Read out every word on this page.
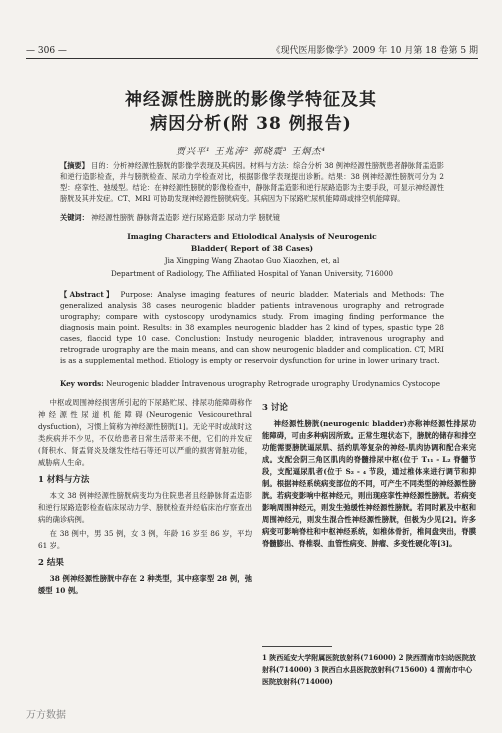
— 306 —	《现代医用影像学》2009 年 10 月第 18 卷第 5 期
神经源性膀胱的影像学特征及其
病因分析(附 38 例报告)
贾兴平¹ 王兆涛² 郭晓震³ 王炯杰⁴
【摘要】 目的：分析神经源性膀胱的影像学表现及其病因。材料与方法：综合分析 38 例神经源性膀胱患者静脉肾盂造影和逆行造影检查，并与膀胱检查、尿动力学检查对比，根据影像学表现提出诊断。结果：38 例神经源性膀胱可分为 2 型：痉挛性、弛缓型。结论：在神经源性膀胱的影像检查中，静脉肾盂造影和逆行尿路造影为主要手段，可显示神经源性膀胱及其并发症。CT、MRI 可协助发现神经源性膀胱病变。其病因为下尿路贮尿机能障碍或排空机能障碍。
关键词： 神经源性膀胱 静脉肾盂造影 逆行尿路造影 尿动力学 膀胱镜
Imaging Characters and Etiolodical Analysis of Neurogenic
Bladder( Report of 38 Cases)
Jia Xingping Wang Zhaotao Guo Xiaozhen, et, al
Department of Radiology, The Affiliated Hospital of Yanan University, 716000
【Abstract】 Purpose: Analyse imaging features of neuric bladder. Materials and Methods: The generalized analysis 38 cases neurogenic bladder patients intravenous urography and retrograde urography; compare with cystoscopy urodynamics study. From imaging finding performance the diagnosis main point. Results: in 38 examples neurogenic bladder has 2 kind of types, spastic type 28 cases, flaccid type 10 case. Conclustion: Instudy neurogenic bladder, intravenous urography and retrograde urography are the main means, and can show neurogenic bladder and complication. CT, MRI is as a supplemental method. Etiology is empty or reservoir dysfunction for urine in lower urinary tract.
Key words: Neurogenic bladder Intravenous urography Retrograde urography Urodynamics Cystocope

中枢或周围神经损害所引起的下尿路贮尿、排尿功能障碍称作神经源性尿道机能障碍(Neurogenic Vesicourethral dysfuction)，习惯上简称为神经源性膀胱[1]。无论平时或战时这类疾病并不少见，不仅给患者日常生活带来不便，它们的并发症(肾积水、肾盂肾炎及继发性结石等还可以严重的损害肾脏功能，威胁病人生命。

1 材料与方法

本文 38 例神经源性膀胱病变均为住院患者且经静脉肾盂造影和逆行尿路造影检查临床尿动力学、膀胱检查并经临床治疗察查出病的确诊病例。

在 38 例中，男 35 例，女 3 例，年龄 16 岁至 86 岁，平均 61 岁。

2 结果

38 例神经源性膀胱中存在 2 种类型，其中痉挛型 28 例，弛缓型 10 例。

3 讨论

神经源性膀胱(neurogenic bladder)亦称神经源性排尿功能障碍，可由多种病因所致。正常生理状态下，膀胱的储存和排空功能需要膀胱逼尿肌、括约肌等复杂的神经-肌肉协调和配合来完成。支配会阴三角区肌肉的脊髓排尿中枢(位于 T₁₁ - L₂ 脊髓节段，支配逼尿肌者(位于 S₂ - ₄ 节段，通过椎体来进行调节和抑制。根据神经系统病变部位的不同，可产生不同类型的神经源性膀胱。若病变影响中枢神经元，则出现痉挛性神经源性膀胱。若病变影响周围神经元，则发生弛缓性神经源性膀胱。若同时累及中枢和周围神经元，则发生混合性神经源性膀胱，但极为少见[2]。许多病变可影响脊柱和中枢神经系统，如椎体骨折，椎间盘突出，脊膜脊髓膨出、脊椎裂、血管性病变、肿瘤、多变性硬化等[3]。

1 陕西延安大学附属医院放射科(716000) 2 陕西渭南市妇幼医院放射科(714000) 3 陕西白水县医院放射科(715600) 4 渭南市中心医院放射科(714000)
万方数据
